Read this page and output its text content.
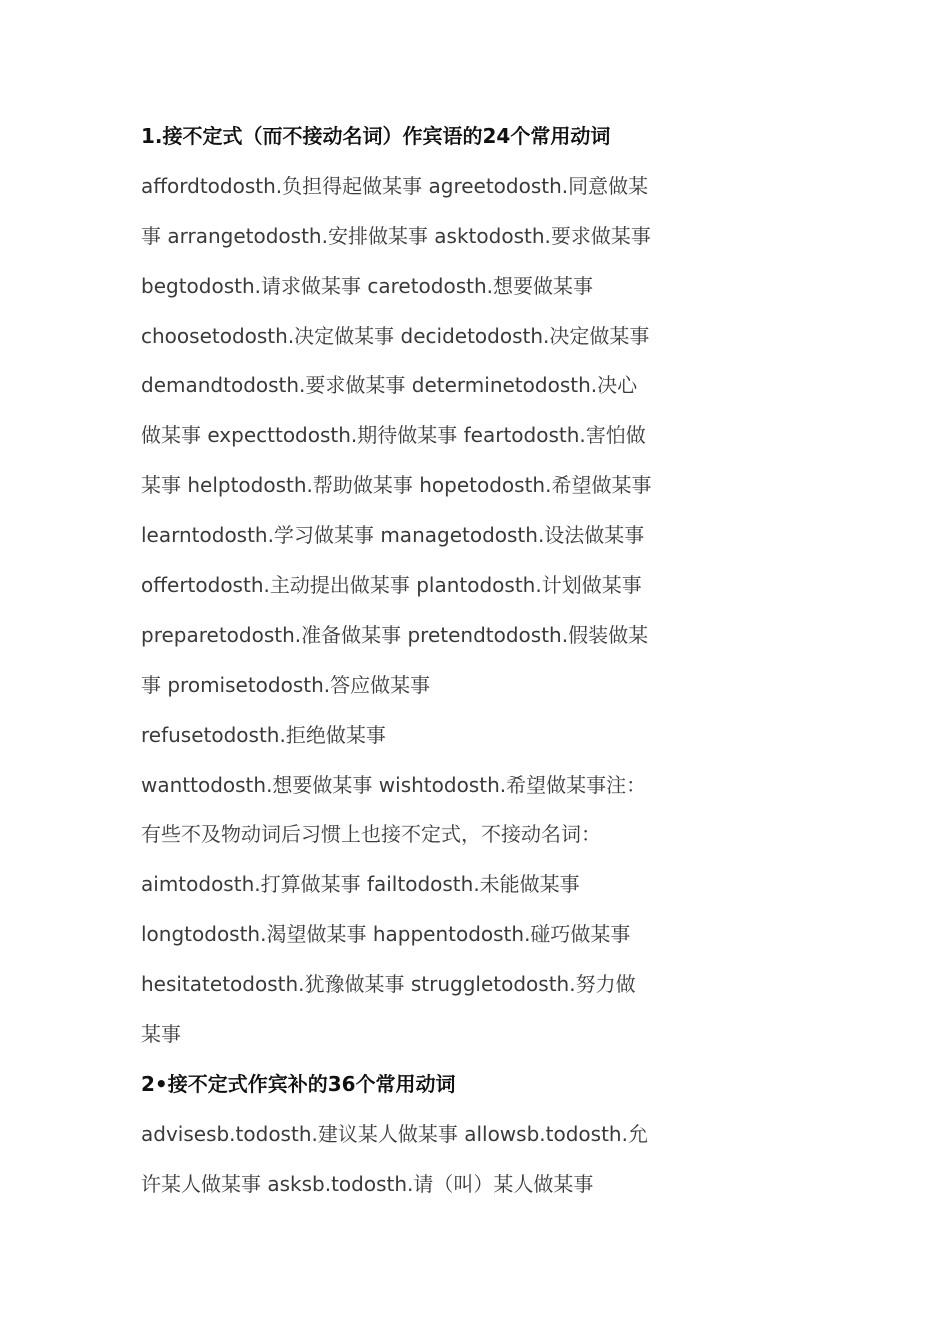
1.接不定式（而不接动名词）作宾语的24个常用动词
affordtodosth.负担得起做某事 agreetodosth.同意做某
事 arrangetodosth.安排做某事 asktodosth.要求做某事
begtodosth.请求做某事 caretodosth.想要做某事
choosetodosth.决定做某事 decidetodosth.决定做某事
demandtodosth.要求做某事 determinetodosth.决心
做某事 expecttodosth.期待做某事 feartodosth.害怕做
某事 helptodosth.帮助做某事 hopetodosth.希望做某事
learntodosth.学习做某事 managetodosth.设法做某事
offertodosth.主动提出做某事 plantodosth.计划做某事
preparetodosth.准备做某事 pretendtodosth.假装做某
事 promisetodosth.答应做某事
refusetodosth.拒绝做某事
wanttodosth.想要做某事 wishtodosth.希望做某事注：
有些不及物动词后习惯上也接不定式，不接动名词：
aimtodosth.打算做某事 failtodosth.未能做某事
longtodosth.渴望做某事 happentodosth.碰巧做某事
hesitatetodosth.犹豫做某事 struggletodosth.努力做
某事
2•接不定式作宾补的36个常用动词
advisesb.todosth.建议某人做某事 allowsb.todosth.允
许某人做某事 asksb.todosth.请（叫）某人做某事
